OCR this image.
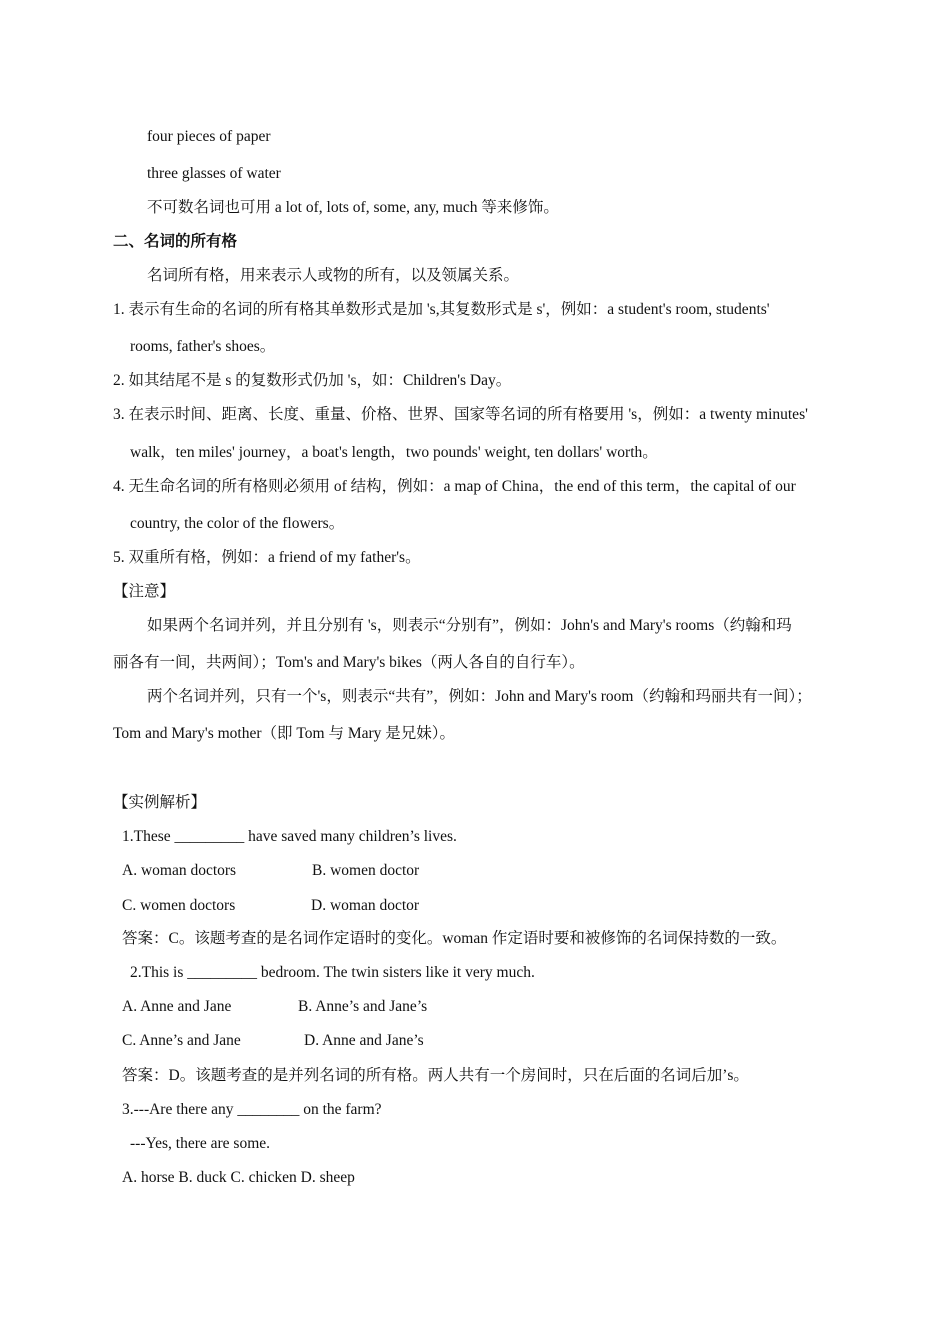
four pieces of paper
three glasses of water
不可数名词也可用 a lot of, lots of, some, any, much 等来修饰。
二、名词的所有格
名词所有格，用来表示人或物的所有，以及领属关系。
1. 表示有生命的名词的所有格其单数形式是加 's,其复数形式是 s'，例如：a student's room, students'
rooms, father's shoes。
2. 如其结尾不是 s 的复数形式仍加 's，如：Children's Day。
3. 在表示时间、距离、长度、重量、价格、世界、国家等名词的所有格要用 's，例如：a twenty minutes'
walk，ten miles' journey，a boat's length，two pounds' weight, ten dollars' worth。
4. 无生命名词的所有格则必须用 of 结构，例如：a map of China，the end of this term，the capital of our
country, the color of the flowers。
5. 双重所有格，例如：a friend of my father's。
【注意】
如果两个名词并列，并且分别有 's，则表示“分别有”，例如：John's and Mary's rooms（约翰和玛
丽各有一间，共两间）；Tom's and Mary's bikes（两人各自的自行车）。
两个名词并列，只有一个's，则表示“共有”，例如：John and Mary's room（约翰和玛丽共有一间）；
Tom and Mary's mother（即 Tom 与 Mary 是兄妹）。
【实例解析】
1.These _________ have saved many children’s lives.
A. woman doctors	B. women doctor
C. women doctors	D. woman doctor
答案：C。该题考查的是名词作定语时的变化。woman 作定语时要和被修饰的名词保持数的一致。
2.This is _________ bedroom. The twin sisters like it very much.
A. Anne and Jane	B. Anne’s and Jane’s
C. Anne’s and Jane	D. Anne and Jane’s
答案：D。该题考查的是并列名词的所有格。两人共有一个房间时，只在后面的名词后加’s。
3.---Are there any ________ on the farm?
---Yes, there are some.
A. horse B. duck C. chicken D. sheep
